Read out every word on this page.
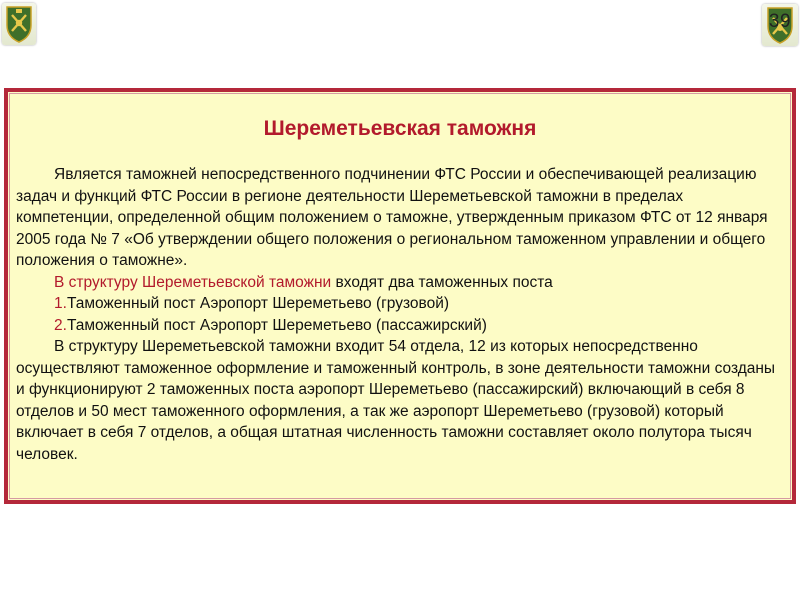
39
Шереметьевская таможня

Является таможней непосредственного подчинении ФТС России и обеспечивающей реализацию задач и функций ФТС России в регионе деятельности Шереметьевской таможни в пределах компетенции, определенной общим положением о таможне, утвержденным приказом ФТС от 12 января 2005 года № 7 «Об утверждении общего положения о региональном таможенном управлении и общего положения о таможне».

В структуру Шереметьевской таможни входят два таможенных поста

1.Таможенный пост Аэропорт Шереметьево (грузовой)

2.Таможенный пост Аэропорт Шереметьево (пассажирский)

В структуру Шереметьевской таможни входит 54 отдела, 12 из которых непосредственно осуществляют таможенное оформление и таможенный контроль, в зоне деятельности таможни созданы и функционируют 2 таможенных поста аэропорт Шереметьево (пассажирский) включающий в себя 8 отделов и 50 мест таможенного оформления, а так же аэропорт Шереметьево (грузовой) который включает в себя 7 отделов, а общая штатная численность таможни составляет около полутора тысяч человек.
